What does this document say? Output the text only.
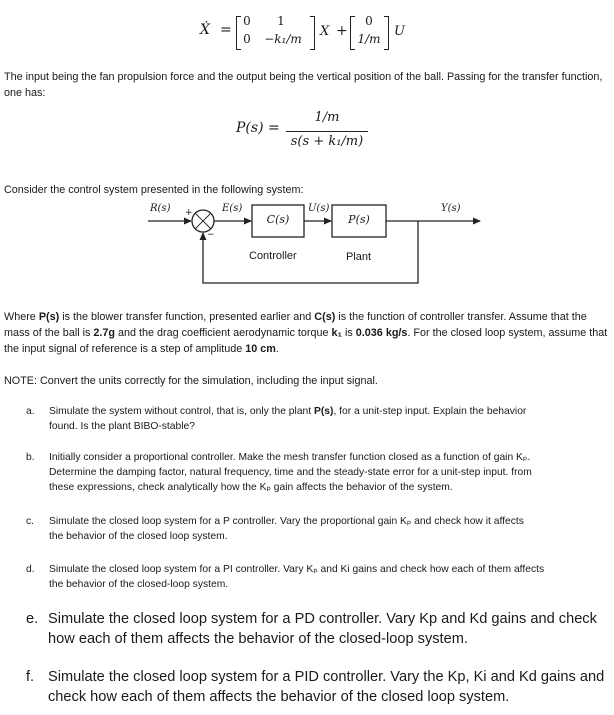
Ẋ =
0	1
0	−k₁/m	X +
0
1/m U
The input being the fan propulsion force and the output being the vertical position of the ball. Passing for the transfer function, one has:
P(s) =
1/m
s(s + k₁/m)
Consider the control system presented in the following system:
R(s)	E(s)	U(s)	Y(s)
+
−
C(s)	P(s)
Controller	Plant
Where P(s) is the blower transfer function, presented earlier and C(s) is the function of controller transfer. Assume that the mass of the ball is 2.7g and the drag coefficient aerodynamic torque k₁ is 0.036 kg/s. For the closed loop system, assume that the input signal of reference is a step of amplitude 10 cm.
NOTE: Convert the units correctly for the simulation, including the input signal.
a. Simulate the system without control, that is, only the plant P(s), for a unit-step input. Explain the behavior
found. Is the plant BIBO-stable?
b. Initially consider a proportional controller. Make the mesh transfer function closed as a function of gain Kₚ.
Determine the damping factor, natural frequency, time and the steady-state error for a unit-step input. from
these expressions, check analytically how the Kₚ gain affects the behavior of the system.
c. Simulate the closed loop system for a P controller. Vary the proportional gain Kₚ and check how it affects
the behavior of the closed loop system.
d. Simulate the closed loop system for a PI controller. Vary Kₚ and Ki gains and check how each of them affects
the behavior of the closed-loop system.
e. Simulate the closed loop system for a PD controller. Vary Kp and Kd gains and check
how each of them affects the behavior of the closed-loop system.
f. Simulate the closed loop system for a PID controller. Vary the Kp, Ki and Kd gains and
check how each of them affects the behavior of the closed loop system.
